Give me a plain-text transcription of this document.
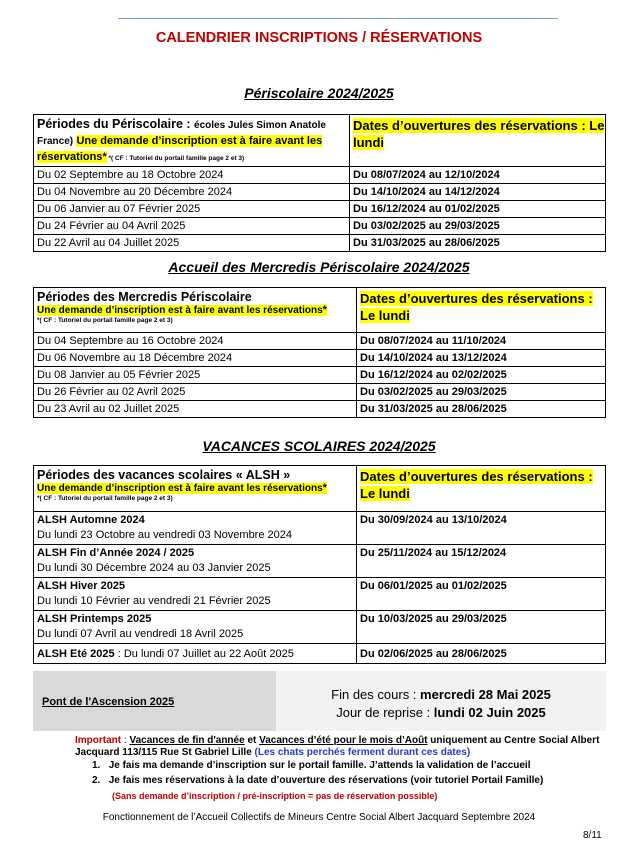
CALENDRIER INSCRIPTIONS / RÉSERVATIONS
Périscolaire 2024/2025
Périodes du Périscolaire : écoles Jules Simon Anatole France) Une demande d’inscription est à faire avant les réservations* *( CF : Tutoriel du portail famille page 2 et 3)	Dates d’ouvertures des réservations : Le lundi
Du 02 Septembre au 18 Octobre 2024	Du 08/07/2024 au 12/10/2024
Du 04 Novembre au 20 Décembre 2024	Du 14/10/2024 au 14/12/2024
Du 06 Janvier au 07 Février 2025	Du 16/12/2024 au 01/02/2025
Du 24 Février au 04 Avril 2025	Du 03/02/2025 au 29/03/2025
Du 22 Avril au 04 Juillet 2025	Du 31/03/2025 au 28/06/2025
Accueil des Mercredis Périscolaire 2024/2025
Périodes des Mercredis Périscolaire
Une demande d’inscription est à faire avant les réservations*
*( CF : Tutoriel du portail famille page 2 et 3)	Dates d’ouvertures des réservations : Le lundi
Du 04 Septembre au 16 Octobre 2024	Du 08/07/2024 au 11/10/2024
Du 06 Novembre au 18 Décembre 2024	Du 14/10/2024 au 13/12/2024
Du 08 Janvier au 05 Février 2025	Du 16/12/2024 au 02/02/2025
Du 26 Février au 02 Avril 2025	Du 03/02/2025 au 29/03/2025
Du 23 Avril au 02 Juillet 2025	Du 31/03/2025 au 28/06/2025
VACANCES SCOLAIRES 2024/2025
Périodes des vacances scolaires « ALSH »
Une demande d’inscription est à faire avant les réservations*
*( CF : Tutoriel du portail famille page 2 et 3)	Dates d’ouvertures des réservations : Le lundi

ALSH Automne 2024
Du lundi 23 Octobre au vendredi 03 Novembre 2024	Du 30/09/2024 au 13/10/2024

ALSH Fin d’Année 2024 / 2025
Du lundi 30 Décembre 2024 au 03 Janvier 2025	Du 25/11/2024 au 15/12/2024

ALSH Hiver 2025
Du lundi 10 Février au vendredi 21 Février 2025	Du 06/01/2025 au 01/02/2025

ALSH Printemps 2025
Du lundi 07 Avril au vendredi 18 Avril 2025	Du 10/03/2025 au 29/03/2025
ALSH Eté 2025 : Du lundi 07 Juillet au 22 Août 2025	Du 02/06/2025 au 28/06/2025
Pont de l'Ascension 2025	Fin des cours : mercredi 28 Mai 2025
Jour de reprise : lundi 02 Juin 2025
Important : Vacances de fin d'année et Vacances d’été pour le mois d’Août uniquement au Centre Social Albert
Jacquard 113/115 Rue St Gabriel Lille (Les chats perchés ferment durant ces dates)
1. Je fais ma demande d’inscription sur le portail famille. J’attends la validation de l’accueil
2. Je fais mes réservations à la date d’ouverture des réservations (voir tutoriel Portail Famille)
(Sans demande d’inscription / pré-inscription = pas de réservation possible)
Fonctionnement de l’Accueil Collectifs de Mineurs Centre Social Albert Jacquard Septembre 2024
8/11
